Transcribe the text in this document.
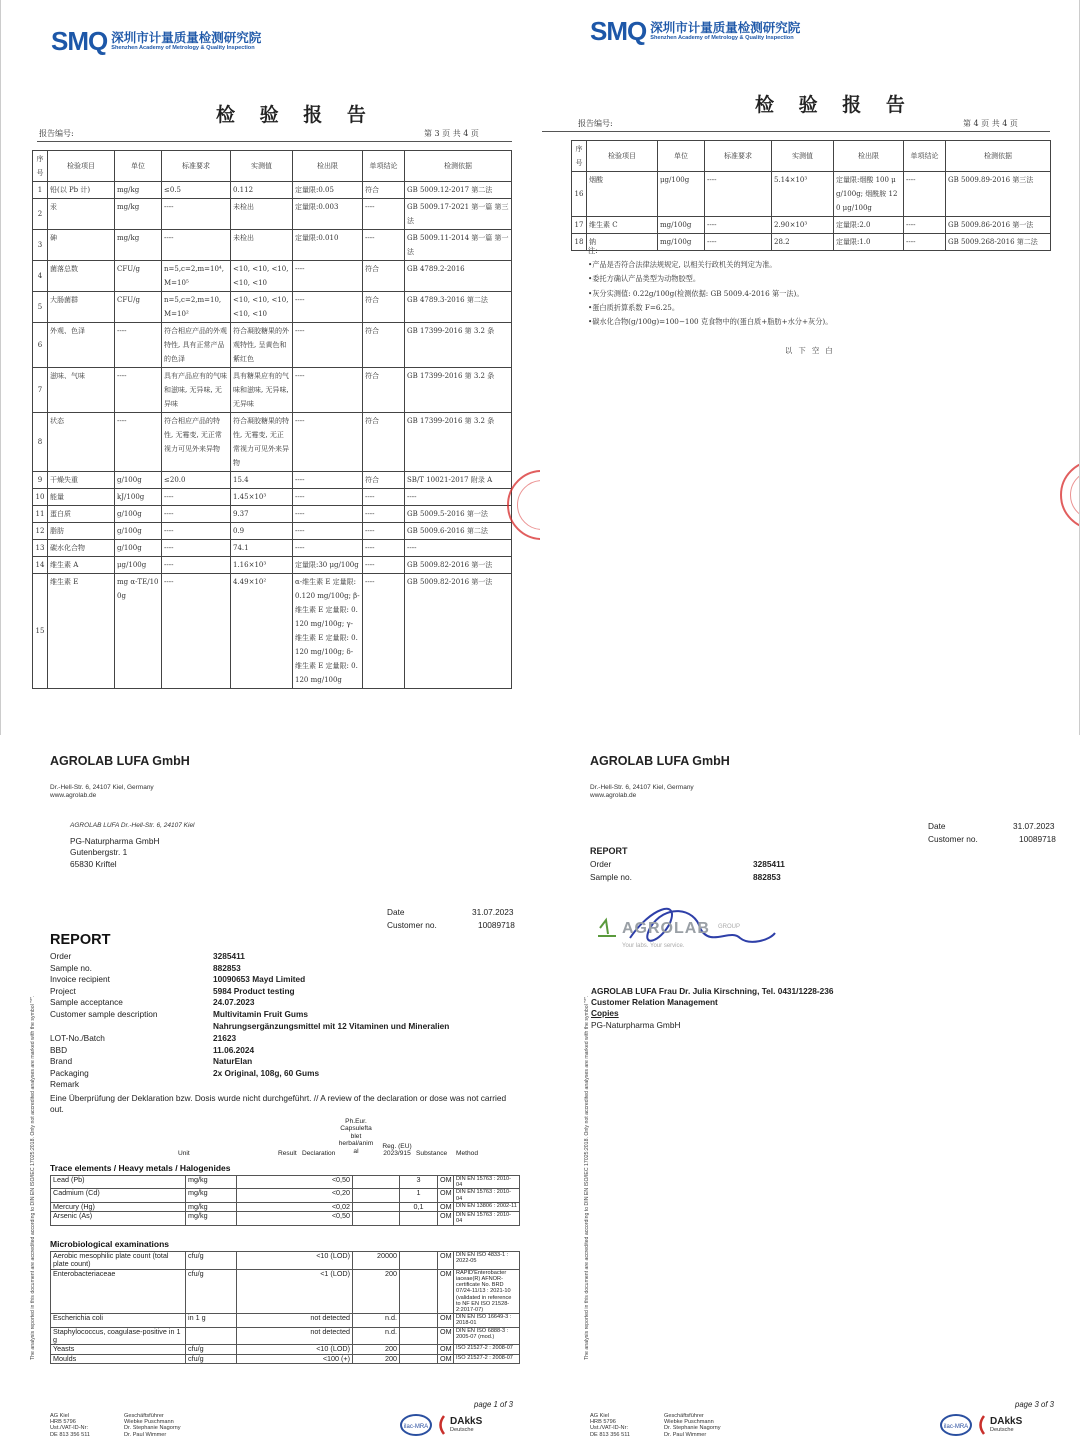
SMQ 深圳市计量质量检测研究院
Shenzhen Academy of Metrology & Quality Inspection
检 验 报 告
报告编号:	第 3 页 共 4 页
序号	检验项目	单位	标准要求	实测值	检出限	单项结论	检测依据
1	铅(以 Pb 计)	mg/kg	≤0.5	0.112	定量限:0.05	符合	GB 5009.12-2017 第二法
2	汞	mg/kg	----	未检出	定量限:0.003	----	GB 5009.17-2021 第一篇 第三法
3	砷	mg/kg	----	未检出	定量限:0.010	----	GB 5009.11-2014 第一篇 第一法
4	菌落总数	CFU/g	n=5,c=2,m=10⁴,M=10⁵	<10, <10, <10, <10, <10	----	符合	GB 4789.2-2016
5	大肠菌群	CFU/g	n=5,c=2,m=10,M=10²	<10, <10, <10, <10, <10	----	符合	GB 4789.3-2016 第二法
6	外观、色泽	----	符合相应产品的外观特性, 具有正常产品的色泽	符合凝胶糖果的外观特性, 呈黄色和紫红色	----	符合	GB 17399-2016 第 3.2 条
7	滋味、气味	----	具有产品应有的气味和滋味, 无异味, 无异味	具有糖果应有的气味和滋味, 无异味, 无异味	----	符合	GB 17399-2016 第 3.2 条
8	状态	----	符合相应产品的特性, 无霉变, 无正常视力可见外来异物	符合凝胶糖果的特性, 无霉变, 无正常视力可见外来异物	----	符合	GB 17399-2016 第 3.2 条
9	干燥失重	g/100g	≤20.0	15.4	----	符合	SB/T 10021-2017 附录 A
10	能量	kJ/100g	----	1.45×10³	----	----	----
11	蛋白质	g/100g	----	9.37	----	----	GB 5009.5-2016 第一法
12	脂肪	g/100g	----	0.9	----	----	GB 5009.6-2016 第二法
13	碳水化合物	g/100g	----	74.1	----	----	----
14	维生素 A	μg/100g	----	1.16×10³	定量限:30 μg/100g	----	GB 5009.82-2016 第一法
15	维生素 E	mg α-TE/100g	----	4.49×10²	α-维生素 E 定量限: 0.120 mg/100g; β-维生素 E 定量限: 0.120 mg/100g; γ-维生素 E 定量限: 0.120 mg/100g; δ-维生素 E 定量限: 0.120 mg/100g	----	GB 5009.82-2016 第一法
SMQ 深圳市计量质量检测研究院
Shenzhen Academy of Metrology & Quality Inspection
检 验 报 告
报告编号:	第 4 页 共 4 页
序号	检验项目	单位	标准要求	实测值	检出限	单项结论	检测依据
16	烟酸	μg/100g	----	5.14×10³	定量限:烟酸 100 μg/100g; 烟酰胺 120 μg/100g	----	GB 5009.89-2016 第三法
17	维生素 C	mg/100g	----	2.90×10³	定量限:2.0	----	GB 5009.86-2016 第一法
18	钠	mg/100g	----	28.2	定量限:1.0	----	GB 5009.268-2016 第二法
注:
•产品是否符合法律法规规定, 以相关行政机关的判定为准。
•委托方确认产品类型为动物胶型。
•灰分实测值: 0.22g/100g(检测依据: GB 5009.4-2016 第一法)。
•蛋白质折算系数 F=6.25。
•碳水化合物(g/100g)=100−100 克食物中的(蛋白质+脂肪+水分+灰分)。
以 下 空 白
AGROLAB LUFA GmbH
Dr.-Hell-Str. 6, 24107 Kiel, Germany
www.agrolab.de
AGROLAB LUFA Dr.-Hell-Str. 6, 24107 Kiel
PG-Naturpharma GmbH
Gutenbergstr. 1
65830 Kriftel
Date	31.07.2023
Customer no.	10089718
REPORT
Order	3285411
Sample no.	882853
Invoice recipient	10090653 Mayd Limited
Project	5984 Product testing
Sample acceptance	24.07.2023
Customer sample description	Multivitamin Fruit Gums
Nahrungsergänzungsmittel mit 12 Vitaminen und Mineralien
LOT-No./Batch	21623
BBD	11.06.2024
Brand	NaturElan
Packaging	2x Original, 108g, 60 Gums
Remark
Eine Überprüfung der Deklaration bzw. Dosis wurde nicht durchgeführt. // A review of the declaration or dose was not carried out.
Unit	Result Declaration
Ph.Eur. Capsulefta blet herbal/anim al
Reg. (EU) 2023/915 Substance Method
Trace elements / Heavy metals / Halogenides
Lead (Pb)	mg/kg	<0,50		3	OM	DIN EN 15763 : 2010-04
Cadmium (Cd)	mg/kg	<0,20		1	OM	DIN EN 15763 : 2010-04
Mercury (Hg)	mg/kg	<0,02		0,1	OM	DIN EN 13806 : 2002-11
Arsenic (As)	mg/kg	<0,50			OM	DIN EN 15763 : 2010-04
Microbiological examinations
Aerobic mesophilic plate count (total plate count)	cfu/g	<10 (LOD)	20000		OM	DIN EN ISO 4833-1 : 2022-05
Enterobacteriaceae	cfu/g	<1 (LOD)	200		OM	RAPID'Enterobacter iaceae(R) AFNOR-certificate No. BRD 07/24-11/13 : 2021-10 (validated in reference to NF EN ISO 21528-2:2017-07)
Escherichia coli	in 1 g	not detected	n.d.		OM	DIN EN ISO 16649-3 : 2018-01
Staphylococcus, coagulase-positive in 1 g		not detected	n.d.		OM	DIN EN ISO 6888-3 : 2005-07 (mod.)
Yeasts	cfu/g	<10 (LOD)	200		OM	ISO 21527-2 : 2008-07
Moulds	cfu/g	<100 (+)	200		OM	ISO 21527-2 : 2008-07
The analysis reported in this document are accredited according to DIN EN ISO/IEC 17025:2018. Only not accredited analyses are marked with the symbol "*".
page 1 of 3
AG Kiel
HRB 5796
Ust./VAT-ID-Nr:
DE 813 356 511
Geschäftsführer
Wiebke Puschmann
Dr. Stephanie Nagorny
Dr. Paul Wimmer
ilac-MRA DAkkS
Deutsche
AGROLAB LUFA GmbH
Dr.-Hell-Str. 6, 24107 Kiel, Germany
www.agrolab.de
Date	31.07.2023
Customer no.	10089718
REPORT
Order	3285411
Sample no.	882853
AGROLAB GROUP
Your labs. Your service.
AGROLAB LUFA Frau Dr. Julia Kirschning, Tel. 0431/1228-236
Customer Relation Management
Copies
PG-Naturpharma GmbH
The analysis reported in this document are accredited according to DIN EN ISO/IEC 17025:2018. Only not accredited analyses are marked with the symbol "*".
page 3 of 3
AG Kiel
HRB 5796
Ust./VAT-ID-Nr:
DE 813 356 511
Geschäftsführer
Wiebke Puschmann
Dr. Stephanie Nagorny
Dr. Paul Wimmer
ilac-MRA DAkkS
Deutsche
